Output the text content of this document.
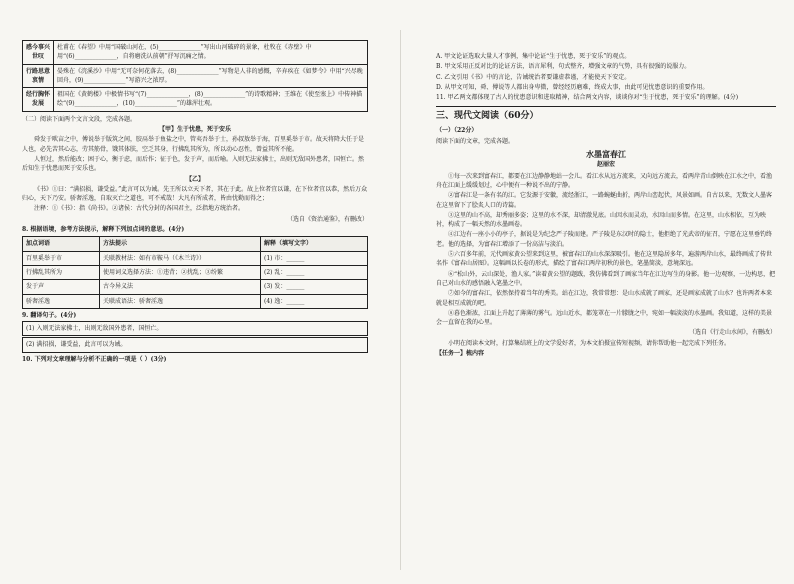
感今事兴世叹	杜甫在《春望》中用“国破山河在，(5)______________”写出山河破碎的景象，杜牧在《赤壁》中用“(6)______________，自将磨洗认前朝”抒写沉痛之情。
行路思意衷情	晏殊在《浣溪沙》中用“无可奈何花落去，(8)______________”写物是人非的感慨，辛弃疾在《如梦令》中用“兴尽晚回舟，(9)______________”写游兴之浓厚。
经行胸怀发展	祖国在《黄鹤楼》中极情书写“(7)______________，(8)______________”的诗歌精神；王维在《使至塞上》中传神描绘“(9)______________，(10)______________”的雄浑壮观。

（二）阅读下面两个文言文段，完成各题。

【甲】生于忧患，死于安乐

舜发于畎亩之中，傅说举于版筑之间，胶鬲举于鱼盐之中，管夷吾举于士，孙叔敖举于海，百里奚举于市。故天将降大任于是人也，必先苦其心志，劳其筋骨，饿其体肤，空乏其身，行拂乱其所为，所以动心忍性，曾益其所不能。

人恒过，然后能改；困于心，衡于虑，而后作；征于色，发于声，而后喻。入则无法家拂士，出则无敌国外患者，国恒亡。然后知生于忧患而死于安乐也。

【乙】

《书》①曰：“满招损，谦受益。”此言可以为诫。先王所以立天下者，其在于此。故上位者宜以谦，在下位者宜以恭，然后万众归心，天下乃安。骄奢淫逸，自取灭亡之道也，可不戒哉！大凡有所成者，皆由忧勤而得之；

注释：①《书》：指《尚书》。②诸侯：古代分封的各国君主，泛指地方统治者。

（选自《资治通鉴》，有删改）

8. 根据语境，参考方法提示，解释下列加点词的意思。(4分)

加点词语	方法提示	解释（填写文字）
百里奚举于市	关联教材法：如有市鞍马（《木兰诗》）	(1) 市：______
行拂乱其所为	使用词义选择方法：①违背；②扰乱；③纷繁	(2) 乱：______
发于声	古今异义法	(3) 发：______
骄奢淫逸	关联成语法：骄奢淫逸	(4) 逸：______

9. 翻译句子。(4分)

(1) 入则无法家拂士，出则无敌国外患者，国恒亡。
(2) 满招损，谦受益，此言可以为诫。

10. 下列对文章理解与分析不正确的一项是（ ）(3分)

A. 甲文论证选取大量人才事例，集中论证“生于忧患，死于安乐”的观点。

B. 甲文采用正反对比的论证方法，语言犀利，句式整齐，增强文章的气势，具有很强的说服力。

C. 乙文引用《书》中的言论，告诫统治者要谦虚恭谨，才能使天下安定。

D. 从甲文可知，舜、傅说等人都出身卑微，曾经经历磨难，终成大事，由此可见忧患意识的重要作用。

11. 甲乙两文都体现了古人的忧患意识和进取精神，结合两文内容，谈谈你对“生于忧患，死于安乐”的理解。(4分)

三、现代文阅读（60分）

（一）（22分）

阅读下面的文章，完成各题。

水墨富春江
赵丽宏

①每一次来到富春江，都要在江边静静地站一会儿。看江水从远方流来，又向远方流去，看两岸青山倒映在江水之中，看渔舟在江面上缓缓划过，心中便有一种说不出的宁静。

②富春江是一条有名的江。它发源于安徽，流经浙江，一路蜿蜒曲折，两岸山峦起伏，风景如画。自古以来，无数文人墨客在这里留下了脍炙人口的诗篇。

③这里的山不高，却秀丽多姿；这里的水不深，却清澈见底。山因水而灵动，水因山而多情。在这里，山水相依，互为映衬，构成了一幅天然的水墨画卷。

④江边有一座小小的亭子，据说是为纪念严子陵而建。严子陵是东汉时的隐士，他拒绝了光武帝的征召，宁愿在这里垂钓终老。他的选择，为富春江增添了一份高洁与淡泊。

⑤六百多年前，元代画家黄公望来到这里，被富春江的山水深深吸引。他在这里隐居多年，遍游两岸山水，最终画成了传世名作《富春山居图》。这幅画以长卷的形式，描绘了富春江两岸初秋的景色，笔墨简淡，意境深远。

⑥“松山外，云山深处，渔人家。”读着黄公望的题跋，我仿佛看到了画家当年在江边写生的身影。他一边观察，一边构思，把自己对山水的感悟融入笔墨之中。

⑦如今的富春江，依然保持着当年的秀美。站在江边，我常常想：是山水成就了画家，还是画家成就了山水？也许两者本来就是相互成就的吧。

⑧暮色渐浓，江面上升起了薄薄的雾气。远山近水，都笼罩在一片朦胧之中，宛如一幅淡淡的水墨画。我知道，这样的美景会一直留在我的心里。

（选自《行走山水间》，有删改）

小明在阅读本文时，打算集结班上的文学爱好者，为本文拍摄宣传短视频，请你帮助他一起完成下列任务。

【任务一】梳内容
